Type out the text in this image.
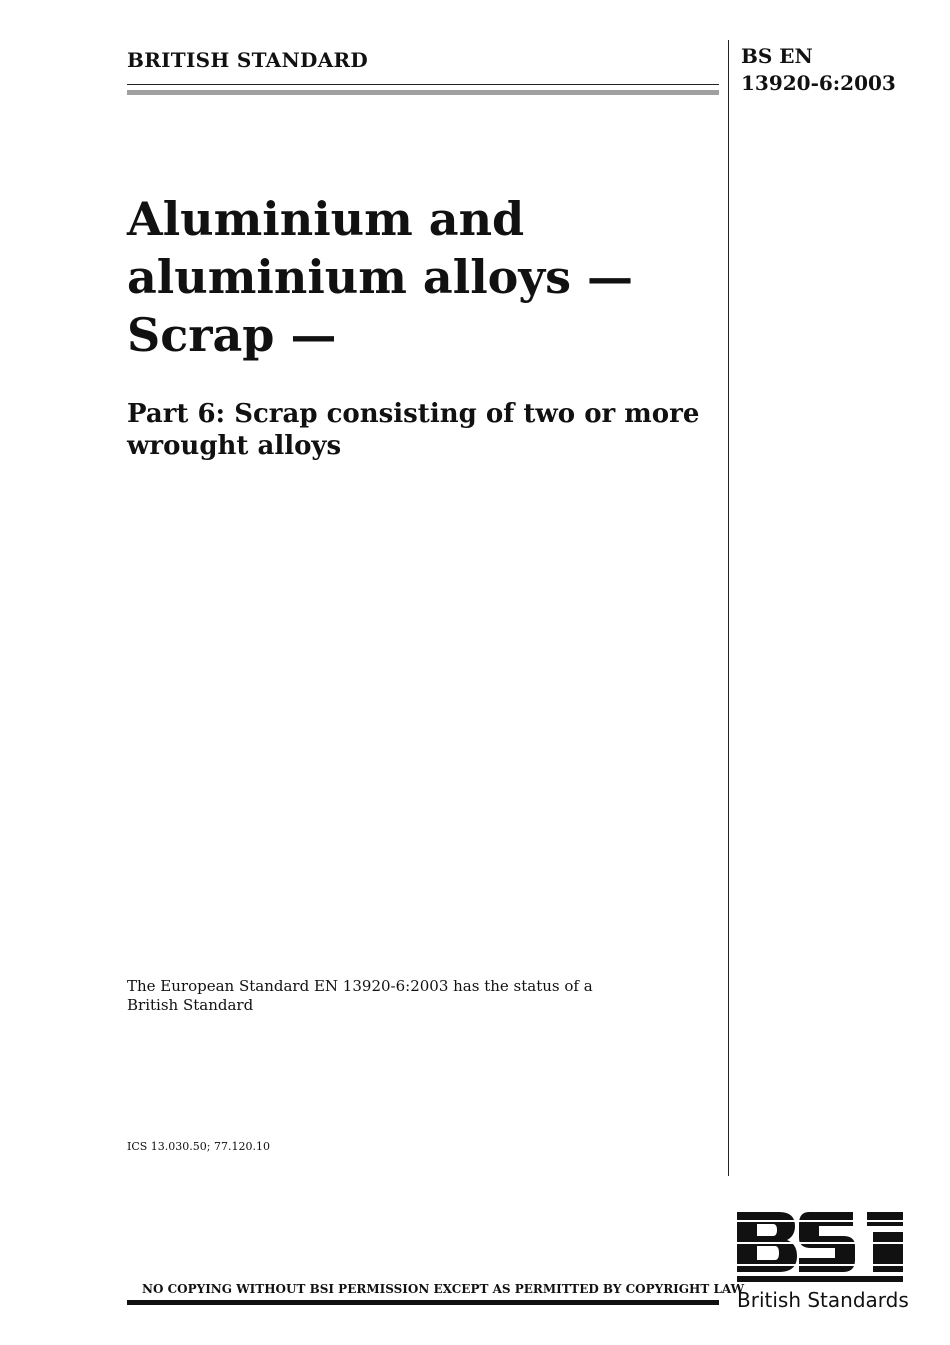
BRITISH STANDARD	BS EN
13920-6:2003
Aluminium and
aluminium alloys —
Scrap —
Part 6: Scrap consisting of two or more
wrought alloys
The European Standard EN 13920-6:2003 has the status of a
British Standard
ICS 13.030.50; 77.120.10
NO COPYING WITHOUT BSI PERMISSION EXCEPT AS PERMITTED BY COPYRIGHT LAW
British Standards
